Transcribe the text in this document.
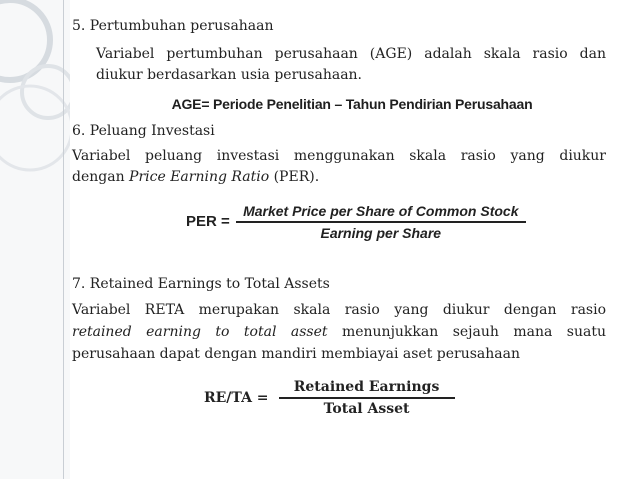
5. Pertumbuhan perusahaan
Variabel pertumbuhan perusahaan (AGE) adalah skala rasio dan
diukur berdasarkan usia perusahaan.
AGE= Periode Penelitian – Tahun Pendirian Perusahaan
6. Peluang Investasi
Variabel peluang investasi menggunakan skala rasio yang diukur
dengan Price Earning Ratio (PER).
PER = $\frac{\text{Market Price per Share of Common Stock}}{\text{Earning per Share}}$
7. Retained Earnings to Total Assets
Variabel RETA merupakan skala rasio yang diukur dengan rasio
retained earning to total asset menunjukkan sejauh mana suatu
perusahaan dapat dengan mandiri membiayai aset perusahaan
$RE/TA = \frac{\text{Retained Earnings}}{\text{Total Asset}}$
